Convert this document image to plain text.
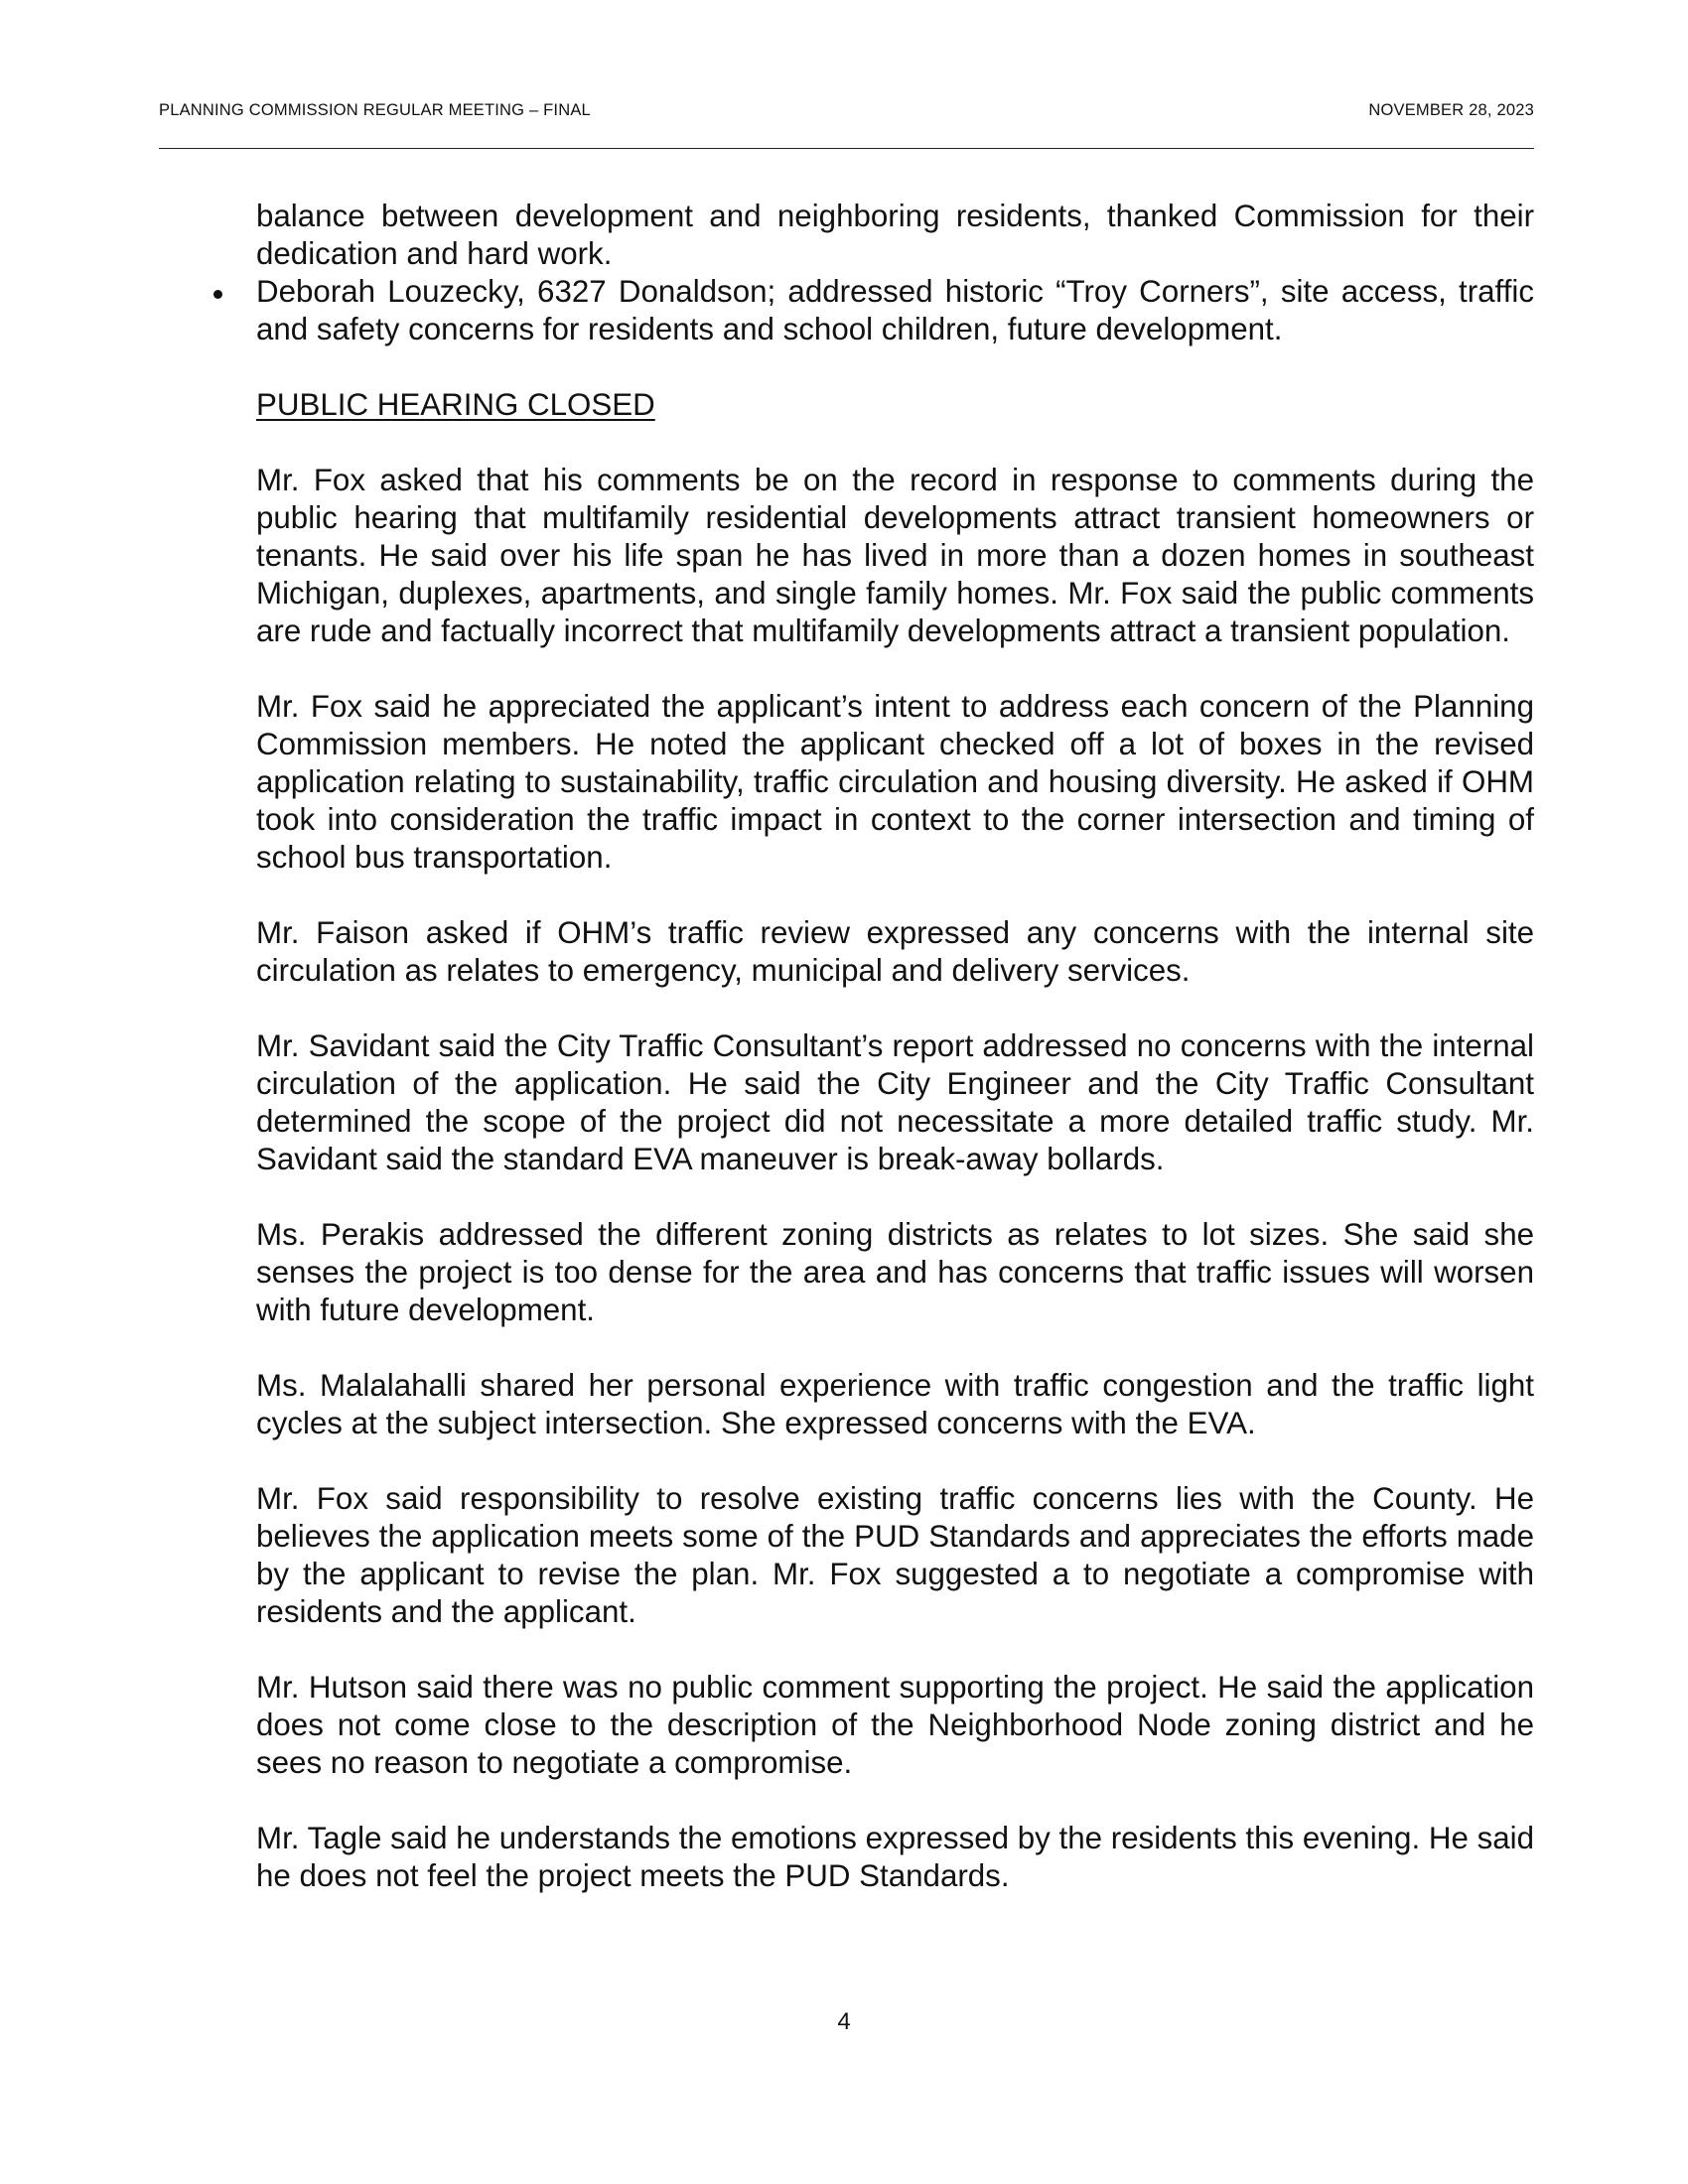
PLANNING COMMISSION REGULAR MEETING – FINAL	NOVEMBER 28, 2023
balance between development and neighboring residents, thanked Commission for their dedication and hard work.
Deborah Louzecky, 6327 Donaldson; addressed historic “Troy Corners”, site access, traffic and safety concerns for residents and school children, future development.
PUBLIC HEARING CLOSED

Mr. Fox asked that his comments be on the record in response to comments during the public hearing that multifamily residential developments attract transient homeowners or tenants. He said over his life span he has lived in more than a dozen homes in southeast Michigan, duplexes, apartments, and single family homes. Mr. Fox said the public comments are rude and factually incorrect that multifamily developments attract a transient population.

Mr. Fox said he appreciated the applicant’s intent to address each concern of the Planning Commission members. He noted the applicant checked off a lot of boxes in the revised application relating to sustainability, traffic circulation and housing diversity. He asked if OHM took into consideration the traffic impact in context to the corner intersection and timing of school bus transportation.

Mr. Faison asked if OHM’s traffic review expressed any concerns with the internal site circulation as relates to emergency, municipal and delivery services.

Mr. Savidant said the City Traffic Consultant’s report addressed no concerns with the internal circulation of the application. He said the City Engineer and the City Traffic Consultant determined the scope of the project did not necessitate a more detailed traffic study. Mr. Savidant said the standard EVA maneuver is break-away bollards.

Ms. Perakis addressed the different zoning districts as relates to lot sizes. She said she senses the project is too dense for the area and has concerns that traffic issues will worsen with future development.

Ms. Malalahalli shared her personal experience with traffic congestion and the traffic light cycles at the subject intersection. She expressed concerns with the EVA.

Mr. Fox said responsibility to resolve existing traffic concerns lies with the County. He believes the application meets some of the PUD Standards and appreciates the efforts made by the applicant to revise the plan. Mr. Fox suggested a to negotiate a compromise with residents and the applicant.

Mr. Hutson said there was no public comment supporting the project. He said the application does not come close to the description of the Neighborhood Node zoning district and he sees no reason to negotiate a compromise.

Mr. Tagle said he understands the emotions expressed by the residents this evening. He said he does not feel the project meets the PUD Standards.

4
